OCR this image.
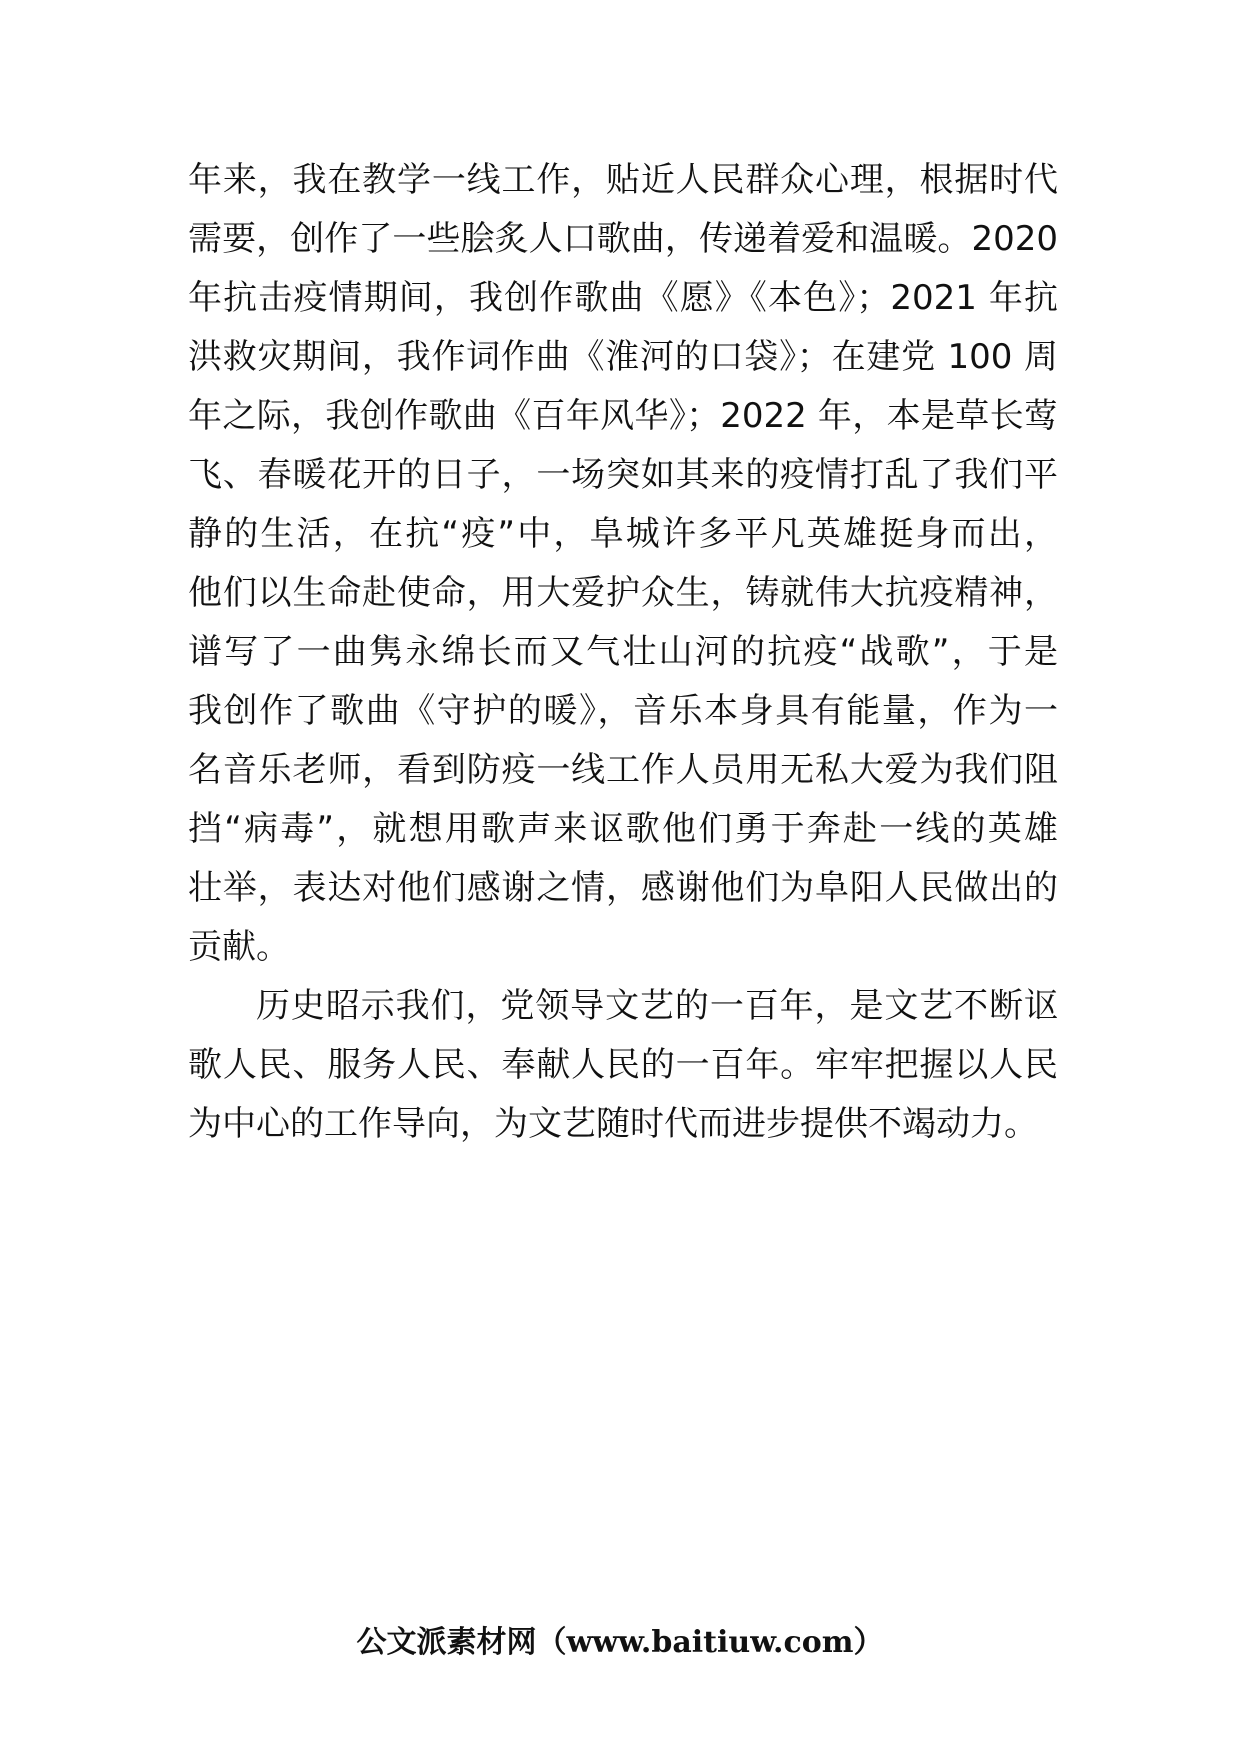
年来，我在教学一线工作，贴近人民群众心理，根据时代
需要，创作了一些脍炙人口歌曲，传递着爱和温暖。2020
年抗击疫情期间，我创作歌曲《愿》《本色》；2021 年抗
洪救灾期间，我作词作曲《淮河的口袋》；在建党 100 周
年之际，我创作歌曲《百年风华》；2022 年，本是草长莺
飞、春暖花开的日子，一场突如其来的疫情打乱了我们平
静的生活，在抗“疫”中，阜城许多平凡英雄挺身而出，
他们以生命赴使命，用大爱护众生，铸就伟大抗疫精神，
谱写了一曲隽永绵长而又气壮山河的抗疫“战歌”，于是
我创作了歌曲《守护的暖》，音乐本身具有能量，作为一
名音乐老师，看到防疫一线工作人员用无私大爱为我们阻
挡“病毒”，就想用歌声来讴歌他们勇于奔赴一线的英雄
壮举，表达对他们感谢之情，感谢他们为阜阳人民做出的
贡献。
历史昭示我们，党领导文艺的一百年，是文艺不断讴
歌人民、服务人民、奉献人民的一百年。牢牢把握以人民
为中心的工作导向，为文艺随时代而进步提供不竭动力。
公文派素材网（www.baitiuw.com）
